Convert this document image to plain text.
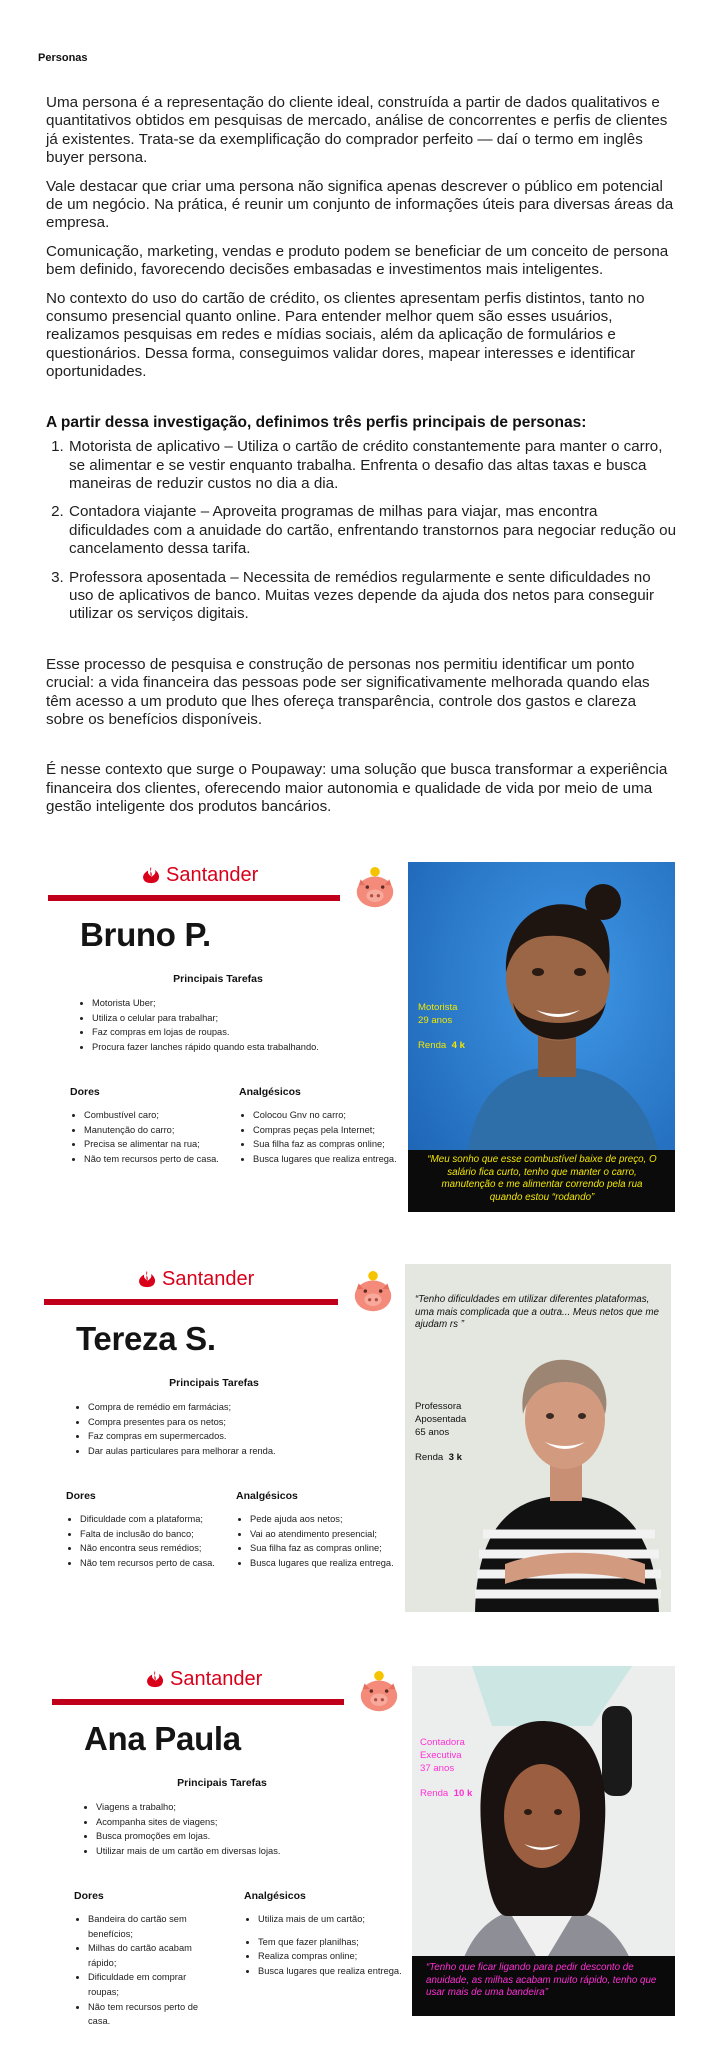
Personas

Uma persona é a representação do cliente ideal, construída a partir de dados qualitativos e quantitativos obtidos em pesquisas de mercado, análise de concorrentes e perfis de clientes já existentes. Trata-se da exemplificação do comprador perfeito — daí o termo em inglês buyer persona.

Vale destacar que criar uma persona não significa apenas descrever o público em potencial de um negócio. Na prática, é reunir um conjunto de informações úteis para diversas áreas da empresa.

Comunicação, marketing, vendas e produto podem se beneficiar de um conceito de persona bem definido, favorecendo decisões embasadas e investimentos mais inteligentes.

No contexto do uso do cartão de crédito, os clientes apresentam perfis distintos, tanto no consumo presencial quanto online. Para entender melhor quem são esses usuários, realizamos pesquisas em redes e mídias sociais, além da aplicação de formulários e questionários. Dessa forma, conseguimos validar dores, mapear interesses e identificar oportunidades.

A partir dessa investigação, definimos três perfis principais de personas:
1. Motorista de aplicativo – Utiliza o cartão de crédito constantemente para manter o carro, se alimentar e se vestir enquanto trabalha. Enfrenta o desafio das altas taxas e busca maneiras de reduzir custos no dia a dia.
2. Contadora viajante – Aproveita programas de milhas para viajar, mas encontra dificuldades com a anuidade do cartão, enfrentando transtornos para negociar redução ou cancelamento dessa tarifa.
3. Professora aposentada – Necessita de remédios regularmente e sente dificuldades no uso de aplicativos de banco. Muitas vezes depende da ajuda dos netos para conseguir utilizar os serviços digitais.

Esse processo de pesquisa e construção de personas nos permitiu identificar um ponto crucial: a vida financeira das pessoas pode ser significativamente melhorada quando elas têm acesso a um produto que lhes ofereça transparência, controle dos gastos e clareza sobre os benefícios disponíveis.

É nesse contexto que surge o Poupaway: uma solução que busca transformar a experiência financeira dos clientes, oferecendo maior autonomia e qualidade de vida por meio de uma gestão inteligente dos produtos bancários.

Santander
Bruno P.
Principais Tarefas
• Motorista Uber;
• Utiliza o celular para trabalhar;
• Faz compras em lojas de roupas.
• Procura fazer lanches rápido quando esta trabalhando.
Dores
• Combustível caro;
• Manutenção do carro;
• Precisa se alimentar na rua;
• Não tem recursos perto de casa.
Analgésicos
• Colocou Gnv no carro;
• Compras peças pela Internet;
• Sua filha faz as compras online;
• Busca lugares que realiza entrega.
Motorista
29 anos
Renda 4 k
“Meu sonho que esse combustível baixe de preço, O salário fica curto, tenho que manter o carro, manutenção e me alimentar correndo pela rua quando estou “rodando”
Santander
Tereza S.
Principais Tarefas
• Compra de remédio em farmácias;
• Compra presentes para os netos;
• Faz compras em supermercados.
• Dar aulas particulares para melhorar a renda.
Dores
• Dificuldade com a plataforma;
• Falta de inclusão do banco;
• Não encontra seus remédios;
• Não tem recursos perto de casa.
Analgésicos
• Pede ajuda aos netos;
• Vai ao atendimento presencial;
• Sua filha faz as compras online;
• Busca lugares que realiza entrega.
“Tenho dificuldades em utilizar diferentes plataformas, uma mais complicada que a outra... Meus netos que me ajudam rs ”
Professora
Aposentada
65 anos
Renda 3 k
Santander
Ana Paula
Principais Tarefas
• Viagens a trabalho;
• Acompanha sites de viagens;
• Busca promoções em lojas.
• Utilizar mais de um cartão em diversas lojas.
Dores
• Bandeira do cartão sem benefícios;
• Milhas do cartão acabam rápido;
• Dificuldade em comprar roupas;
• Não tem recursos perto de casa.
Analgésicos
• Utiliza mais de um cartão;
• Tem que fazer planilhas;
• Realiza compras online;
• Busca lugares que realiza entrega.
Contadora
Executiva
37 anos
Renda 10 k
“Tenho que ficar ligando para pedir desconto de anuidade, as milhas acabam muito rápido, tenho que usar mais de uma bandeira”
